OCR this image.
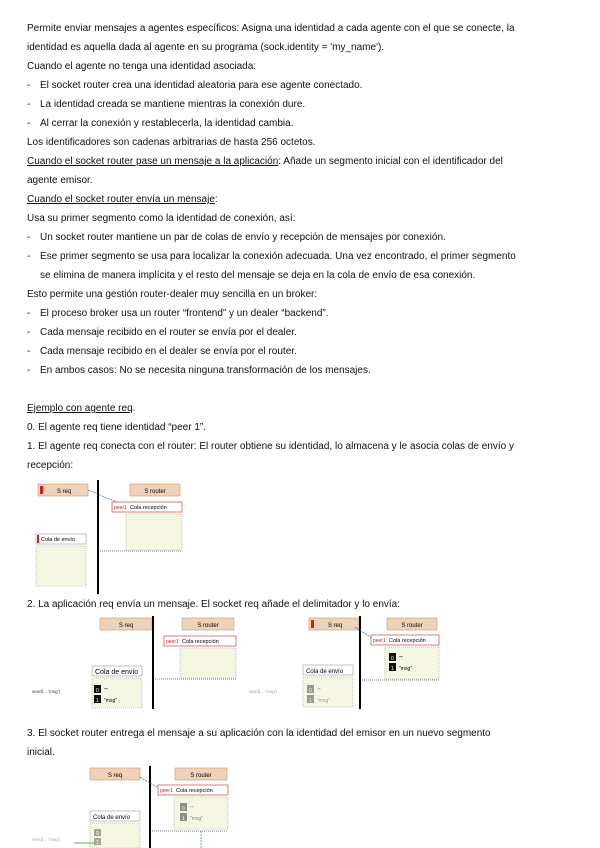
Permite enviar mensajes a agentes específicos: Asigna una identidad a cada agente con el que se conecte, la
identidad es aquella dada al agente en su programa (sock.identity = 'my_name').
Cuando el agente no tenga una identidad asociada:
- El socket router crea una identidad aleatoria para ese agente conectado.
- La identidad creada se mantiene mientras la conexión dure.
- Al cerrar la conexión y restablecerla, la identidad cambia.
Los identificadores son cadenas arbitrarias de hasta 256 octetos.
Cuando el socket router pase un mensaje a la aplicación: Añade un segmento inicial con el identificador del
agente emisor.
Cuando el socket router envía un mensaje:
Usa su primer segmento como la identidad de conexión, así:
- Un socket router mantiene un par de colas de envío y recepción de mensajes por conexión.
- Ese primer segmento se usa para localizar la conexión adecuada. Una vez encontrado, el primer segmento
se elimina de manera implícita y el resto del mensaje se deja en la cola de envío de esa conexión.
Esto permite una gestión router-dealer muy sencilla en un broker:
- El proceso broker usa un router “frontend” y un dealer “backend”.
- Cada mensaje recibido en el router se envía por el dealer.
- Cada mensaje recibido en el dealer se envía por el router.
- En ambos casos: No se necesita ninguna transformación de los mensajes.
Ejemplo con agente req.
0. El agente req tiene identidad “peer 1”.
1. El agente req conecta con el router: El router obtiene su identidad, lo almacena y le asocia colas de envío y
recepción:
S req	S router
peer1 Cola recepción
Cola de envío
2. La aplicación req envía un mensaje. El socket req añade el delimitador y lo envía:
S req	S router
peer1 Cola recepción
Cola de envío
0 ""
1 "msg"
send(... 'msg')
S req	S router
peer1 Cola recepción
0 ""
1 "msg"
Cola de envío
0 ""
1 "msg"
send(... 'msg')
3. El socket router entrega el mensaje a su aplicación con la identidad del emisor en un nuevo segmento
inicial.
S req	S router
peer1 Cola recepción
0 ""
1 "msg"
Cola de envío
0
1
send(... 'msg')
